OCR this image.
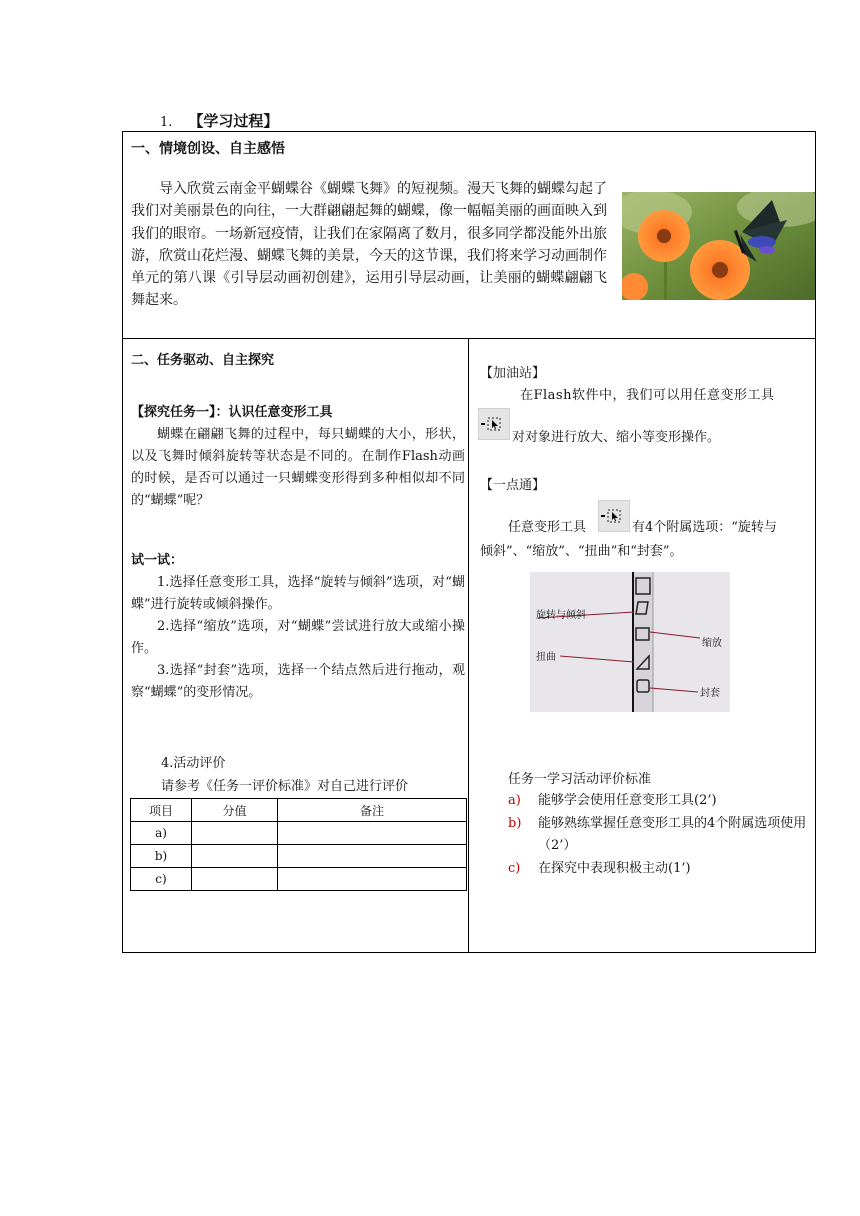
1. 【学习过程】
一、情境创设、自主感悟
导入欣赏云南金平蝴蝶谷《蝴蝶飞舞》的短视频。漫天飞舞的蝴蝶勾起了我们对美丽景色的向往，一大群翩翩起舞的蝴蝶，像一幅幅美丽的画面映入到我们的眼帘。一场新冠疫情，让我们在家隔离了数月，很多同学都没能外出旅游，欣赏山花烂漫、蝴蝶飞舞的美景，今天的这节课，我们将来学习动画制作单元的第八课《引导层动画初创建》，运用引导层动画，让美丽的蝴蝶翩翩飞舞起来。
二、任务驱动、自主探究
【探究任务一】：认识任意变形工具
蝴蝶在翩翩飞舞的过程中，每只蝴蝶的大小，形状，以及飞舞时倾斜旋转等状态是不同的。在制作Flash动画的时候，是否可以通过一只蝴蝶变形得到多种相似却不同的“蝴蝶”呢？
试一试：
1.选择任意变形工具，选择“旋转与倾斜”选项，对“蝴蝶”进行旋转或倾斜操作。
2.选择“缩放”选项，对“蝴蝶”尝试进行放大或缩小操作。
3.选择“封套”选项，选择一个结点然后进行拖动，观察“蝴蝶”的变形情况。
4.活动评价
请参考《任务一评价标准》对自己进行评价
项目	分值	备注
a)		
b)		
c)		
【加油站】
在Flash软件中，我们可以用任意变形工具
对对象进行放大、缩小等变形操作。
【一点通】
任意变形工具	有4个附属选项：“旋转与
倾斜”、“缩放”、“扭曲”和“封套”。
旋转与倾斜
缩放
扭曲
封套
任务一学习活动评价标准
a) 能够学会使用任意变形工具(2’)
b)	能够熟练掌握任意变形工具的4个附属选项使用（2’）
c) 在探究中表现积极主动(1’)
